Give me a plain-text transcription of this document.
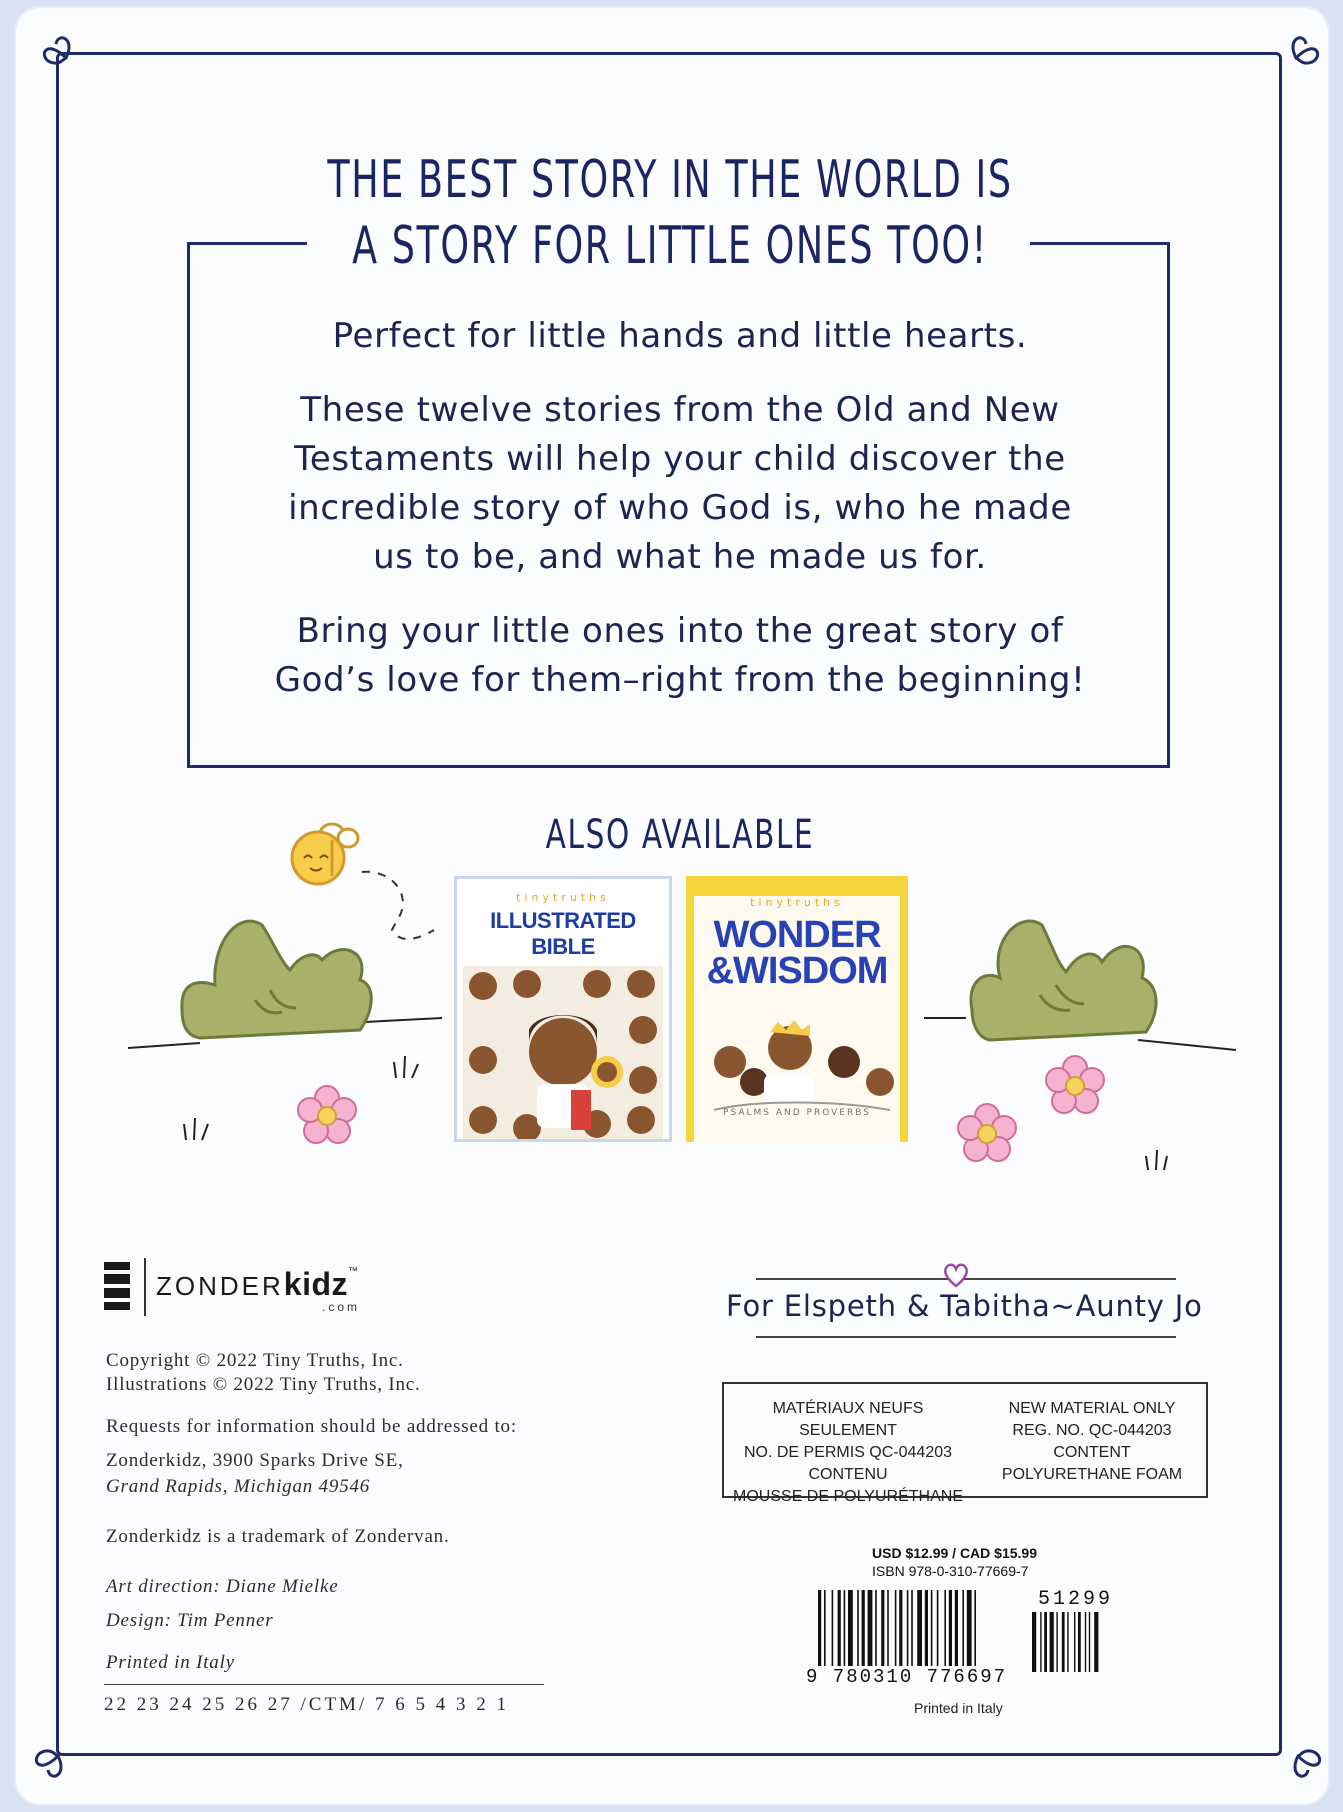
THE BEST STORY IN THE WORLD IS
A STORY FOR LITTLE ONES TOO!
Perfect for little hands and little hearts.
These twelve stories from the Old and New
Testaments will help your child discover the
incredible story of who God is, who he made
us to be, and what he made us for.
Bring your little ones into the great story of
God’s love for them–right from the beginning!
ALSO AVAILABLE
tinytruths
ILLUSTRATED BIBLE
tinytruths
WONDER
&WISDOM
PSALMS AND PROVERBS
ZONDERkidz™
.com
Copyright © 2022 Tiny Truths, Inc.
Illustrations © 2022 Tiny Truths, Inc.
Requests for information should be addressed to:
Zonderkidz, 3900 Sparks Drive SE,
Grand Rapids, Michigan 49546
Zonderkidz is a trademark of Zondervan.
Art direction: Diane Mielke
Design: Tim Penner
Printed in Italy
22 23 24 25 26 27 /CTM/ 7 6 5 4 3 2 1
For Elspeth & Tabitha~Aunty Jo
MATÉRIAUX NEUFS SEULEMENT
NO. DE PERMIS QC-044203
CONTENU
MOUSSE DE POLYURÉTHANE
NEW MATERIAL ONLY
REG. NO. QC-044203
CONTENT
POLYURETHANE FOAM
USD $12.99 / CAD $15.99
ISBN 978-0-310-77669-7
51299
9 780310 776697
Printed in Italy
